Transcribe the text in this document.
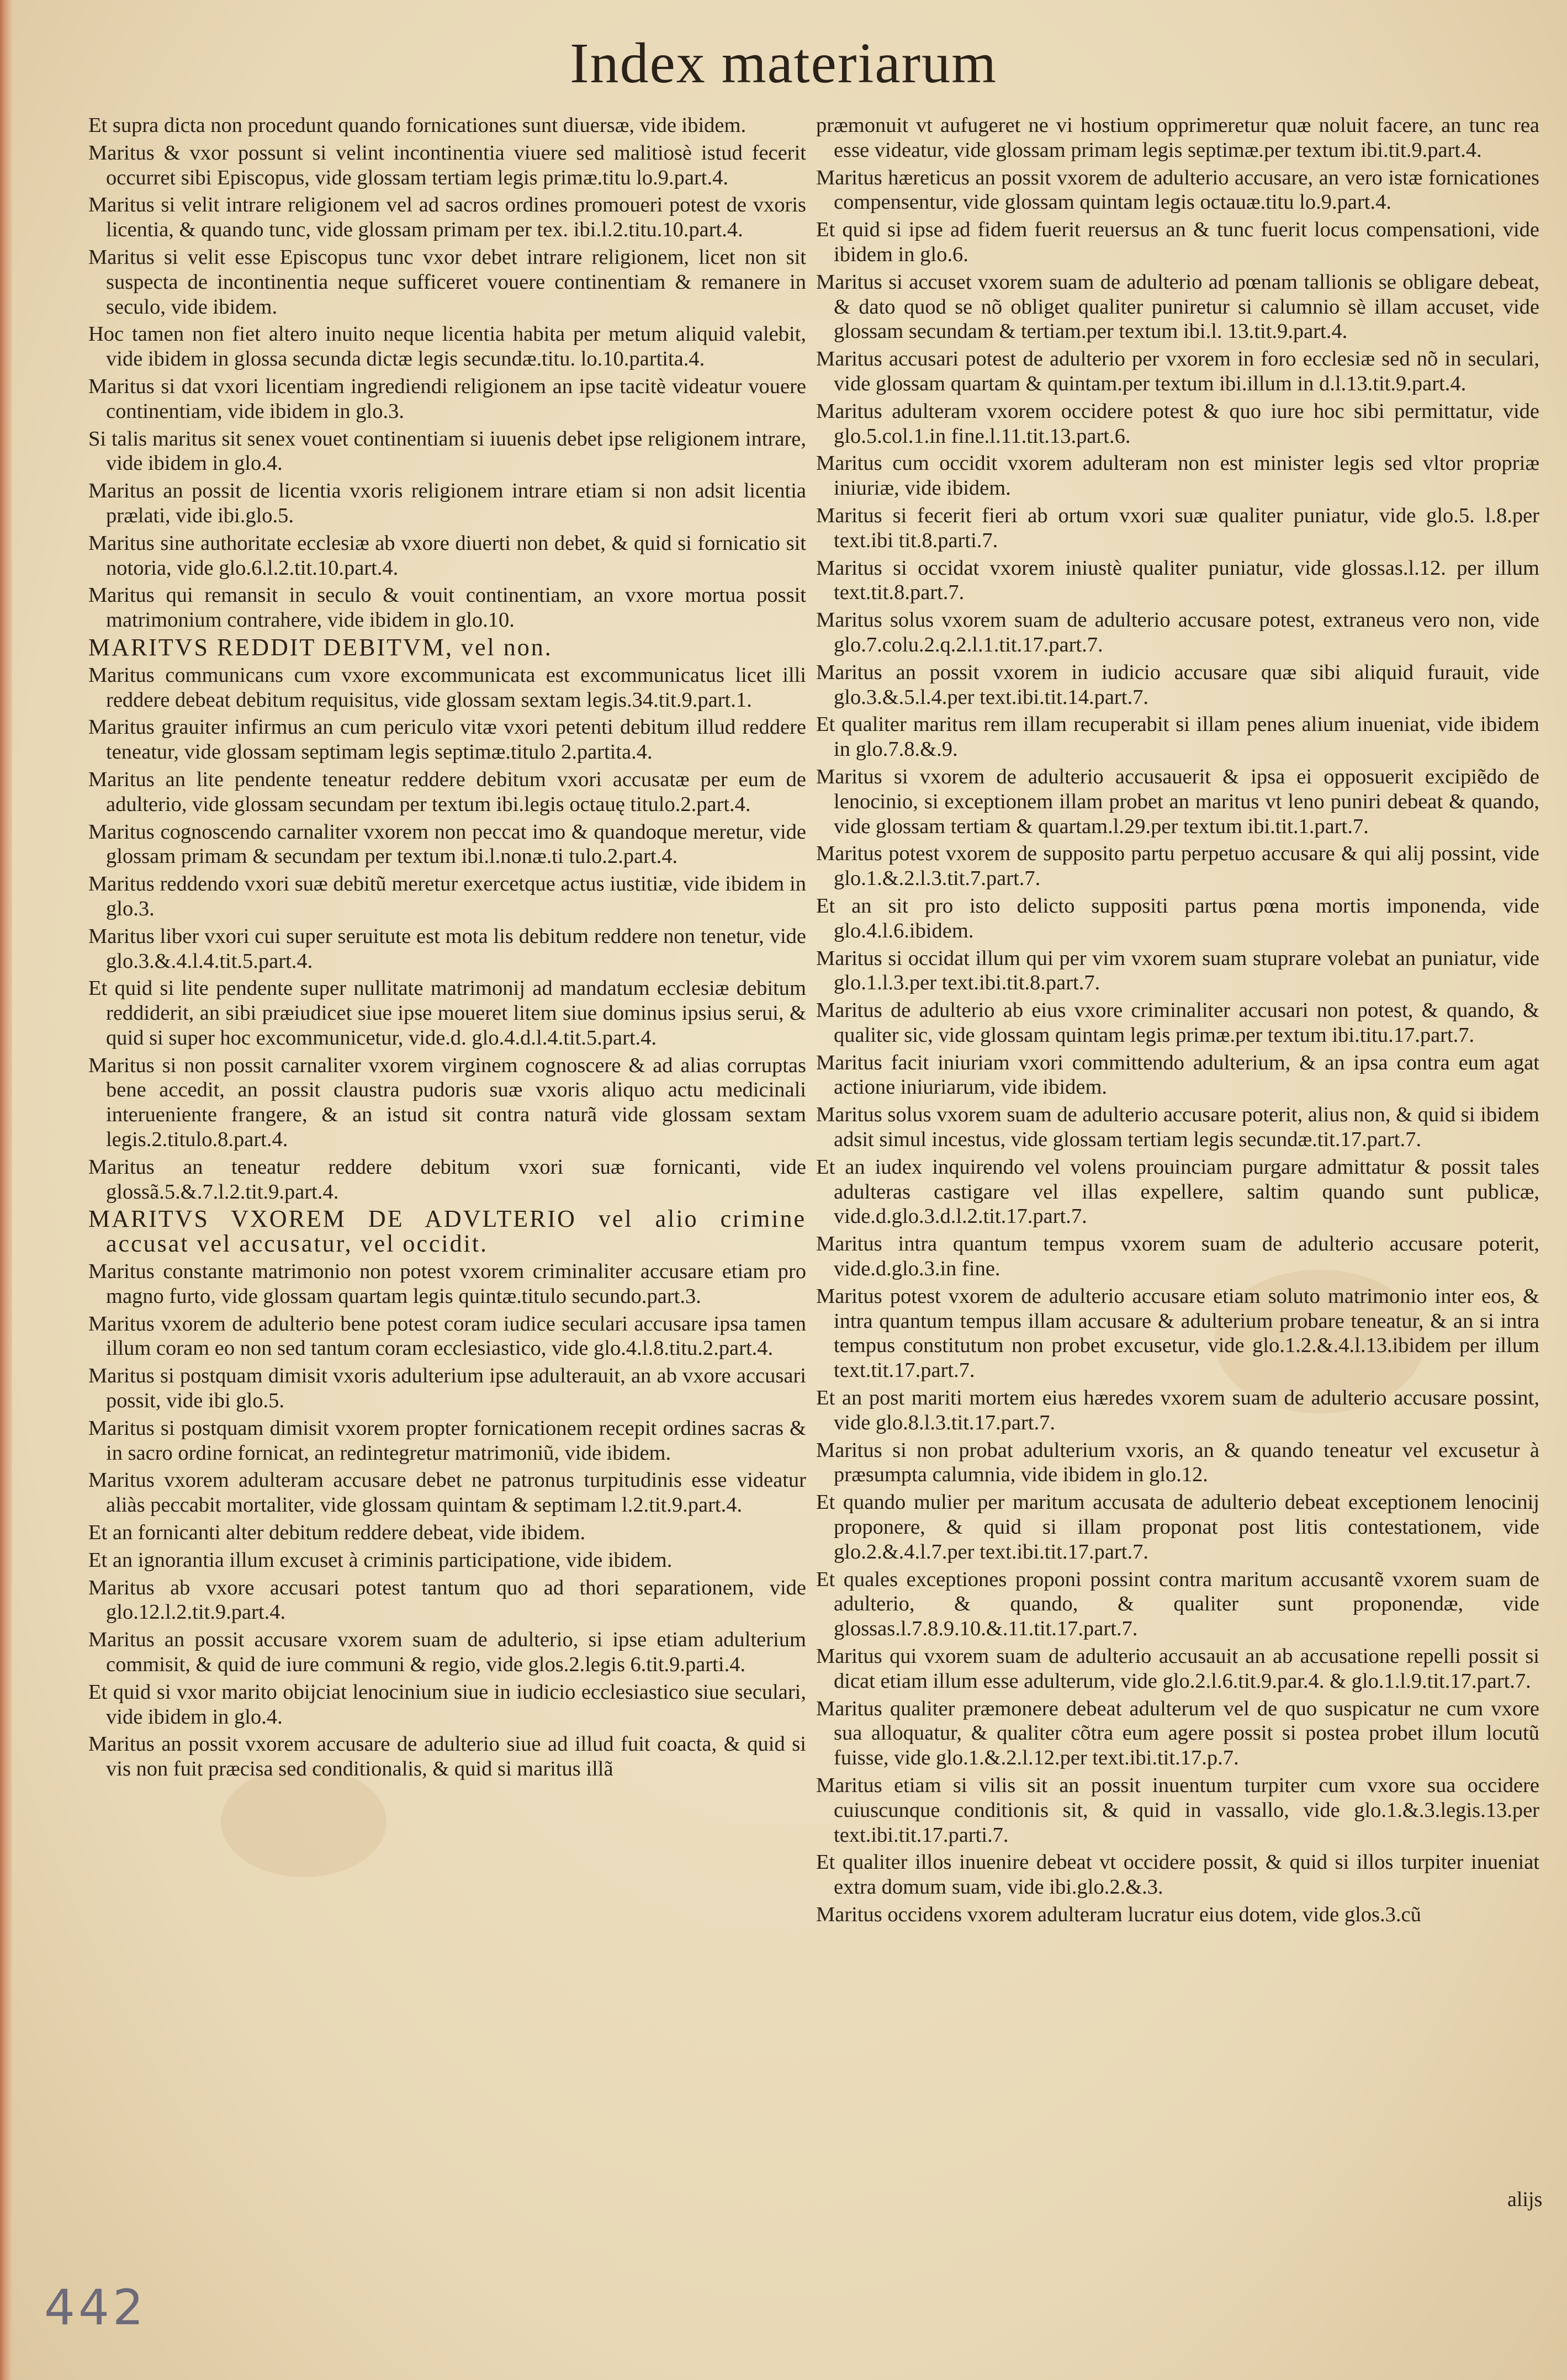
Index materiarum

Et supra dicta non procedunt quando fornicationes sunt diuersæ, vide ibidem.

Maritus & vxor possunt si velint incontinentia viuere sed malitiosè istud fecerit occurret sibi Episcopus, vide glossam tertiam legis primæ.titu lo.9.part.4.

Maritus si velit intrare religionem vel ad sacros ordines promoueri potest de vxoris licentia, & quando tunc, vide glossam primam per tex. ibi.l.2.titu.10.part.4.

Maritus si velit esse Episcopus tunc vxor debet intrare religionem, licet non sit suspecta de incontinentia neque sufficeret vouere continentiam & remanere in seculo, vide ibidem.

Hoc tamen non fiet altero inuito neque licentia habita per metum aliquid valebit, vide ibidem in glossa secunda dictæ legis secundæ.titu. lo.10.partita.4.

Maritus si dat vxori licentiam ingrediendi religionem an ipse tacitè videatur vouere continentiam, vide ibidem in glo.3.

Si talis maritus sit senex vouet continentiam si iuuenis debet ipse religionem intrare, vide ibidem in glo.4.

Maritus an possit de licentia vxoris religionem intrare etiam si non adsit licentia prælati, vide ibi.glo.5.

Maritus sine authoritate ecclesiæ ab vxore diuerti non debet, & quid si fornicatio sit notoria, vide glo.6.l.2.tit.10.part.4.

Maritus qui remansit in seculo & vouit continentiam, an vxore mortua possit matrimonium contrahere, vide ibidem in glo.10.

MARITVS REDDIT DEBITVM, vel non.

Maritus communicans cum vxore excommunicata est excommunicatus licet illi reddere debeat debitum requisitus, vide glossam sextam legis.34.tit.9.part.1.

Maritus grauiter infirmus an cum periculo vitæ vxori petenti debitum illud reddere teneatur, vide glossam septimam legis septimæ.titulo 2.partita.4.

Maritus an lite pendente teneatur reddere debitum vxori accusatæ per eum de adulterio, vide glossam secundam per textum ibi.legis octauę titulo.2.part.4.

Maritus cognoscendo carnaliter vxorem non peccat imo & quandoque meretur, vide glossam primam & secundam per textum ibi.l.nonæ.ti tulo.2.part.4.

Maritus reddendo vxori suæ debitũ meretur exercetque actus iustitiæ, vide ibidem in glo.3.

Maritus liber vxori cui super seruitute est mota lis debitum reddere non tenetur, vide glo.3.&.4.l.4.tit.5.part.4.

Et quid si lite pendente super nullitate matrimonij ad mandatum ecclesiæ debitum reddiderit, an sibi præiudicet siue ipse moueret litem siue dominus ipsius serui, & quid si super hoc excommunicetur, vide.d. glo.4.d.l.4.tit.5.part.4.

Maritus si non possit carnaliter vxorem virginem cognoscere & ad alias corruptas bene accedit, an possit claustra pudoris suæ vxoris aliquo actu medicinali interueniente frangere, & an istud sit contra naturã vide glossam sextam legis.2.titulo.8.part.4.

Maritus an teneatur reddere debitum vxori suæ fornicanti, vide glossã.5.&.7.l.2.tit.9.part.4.

MARITVS VXOREM DE ADVLTERIO vel alio crimine accusat vel accusatur, vel occidit.

Maritus constante matrimonio non potest vxorem criminaliter accusare etiam pro magno furto, vide glossam quartam legis quintæ.titulo secundo.part.3.

Maritus vxorem de adulterio bene potest coram iudice seculari accusare ipsa tamen illum coram eo non sed tantum coram ecclesiastico, vide glo.4.l.8.titu.2.part.4.

Maritus si postquam dimisit vxoris adulterium ipse adulterauit, an ab vxore accusari possit, vide ibi glo.5.

Maritus si postquam dimisit vxorem propter fornicationem recepit ordines sacras & in sacro ordine fornicat, an redintegretur matrimoniũ, vide ibidem.

Maritus vxorem adulteram accusare debet ne patronus turpitudinis esse videatur aliàs peccabit mortaliter, vide glossam quintam & septimam l.2.tit.9.part.4.

Et an fornicanti alter debitum reddere debeat, vide ibidem.

Et an ignorantia illum excuset à criminis participatione, vide ibidem.

Maritus ab vxore accusari potest tantum quo ad thori separationem, vide glo.12.l.2.tit.9.part.4.

Maritus an possit accusare vxorem suam de adulterio, si ipse etiam adulterium commisit, & quid de iure communi & regio, vide glos.2.legis 6.tit.9.parti.4.

Et quid si vxor marito obijciat lenocinium siue in iudicio ecclesiastico siue seculari, vide ibidem in glo.4.

Maritus an possit vxorem accusare de adulterio siue ad illud fuit coacta, & quid si vis non fuit præcisa sed conditionalis, & quid si maritus illã

præmonuit vt aufugeret ne vi hostium opprimeretur quæ noluit facere, an tunc rea esse videatur, vide glossam primam legis septimæ.per textum ibi.tit.9.part.4.

Maritus hæreticus an possit vxorem de adulterio accusare, an vero istæ fornicationes compensentur, vide glossam quintam legis octauæ.titu lo.9.part.4.

Et quid si ipse ad fidem fuerit reuersus an & tunc fuerit locus compensationi, vide ibidem in glo.6.

Maritus si accuset vxorem suam de adulterio ad pœnam tallionis se obligare debeat, & dato quod se nõ obliget qualiter puniretur si calumnio sè illam accuset, vide glossam secundam & tertiam.per textum ibi.l. 13.tit.9.part.4.

Maritus accusari potest de adulterio per vxorem in foro ecclesiæ sed nõ in seculari, vide glossam quartam & quintam.per textum ibi.illum in d.l.13.tit.9.part.4.

Maritus adulteram vxorem occidere potest & quo iure hoc sibi permittatur, vide glo.5.col.1.in fine.l.11.tit.13.part.6.

Maritus cum occidit vxorem adulteram non est minister legis sed vltor propriæ iniuriæ, vide ibidem.

Maritus si fecerit fieri ab ortum vxori suæ qualiter puniatur, vide glo.5. l.8.per text.ibi tit.8.parti.7.

Maritus si occidat vxorem iniustè qualiter puniatur, vide glossas.l.12. per illum text.tit.8.part.7.

Maritus solus vxorem suam de adulterio accusare potest, extraneus vero non, vide glo.7.colu.2.q.2.l.1.tit.17.part.7.

Maritus an possit vxorem in iudicio accusare quæ sibi aliquid furauit, vide glo.3.&.5.l.4.per text.ibi.tit.14.part.7.

Et qualiter maritus rem illam recuperabit si illam penes alium inueniat, vide ibidem in glo.7.8.&.9.

Maritus si vxorem de adulterio accusauerit & ipsa ei opposuerit excipiẽdo de lenocinio, si exceptionem illam probet an maritus vt leno puniri debeat & quando, vide glossam tertiam & quartam.l.29.per textum ibi.tit.1.part.7.

Maritus potest vxorem de supposito partu perpetuo accusare & qui alij possint, vide glo.1.&.2.l.3.tit.7.part.7.

Et an sit pro isto delicto suppositi partus pœna mortis imponenda, vide glo.4.l.6.ibidem.

Maritus si occidat illum qui per vim vxorem suam stuprare volebat an puniatur, vide glo.1.l.3.per text.ibi.tit.8.part.7.

Maritus de adulterio ab eius vxore criminaliter accusari non potest, & quando, & qualiter sic, vide glossam quintam legis primæ.per textum ibi.titu.17.part.7.

Maritus facit iniuriam vxori committendo adulterium, & an ipsa contra eum agat actione iniuriarum, vide ibidem.

Maritus solus vxorem suam de adulterio accusare poterit, alius non, & quid si ibidem adsit simul incestus, vide glossam tertiam legis secundæ.tit.17.part.7.

Et an iudex inquirendo vel volens prouinciam purgare admittatur & possit tales adulteras castigare vel illas expellere, saltim quando sunt publicæ, vide.d.glo.3.d.l.2.tit.17.part.7.

Maritus intra quantum tempus vxorem suam de adulterio accusare poterit, vide.d.glo.3.in fine.

Maritus potest vxorem de adulterio accusare etiam soluto matrimonio inter eos, & intra quantum tempus illam accusare & adulterium probare teneatur, & an si intra tempus constitutum non probet excusetur, vide glo.1.2.&.4.l.13.ibidem per illum text.tit.17.part.7.

Et an post mariti mortem eius hæredes vxorem suam de adulterio accusare possint, vide glo.8.l.3.tit.17.part.7.

Maritus si non probat adulterium vxoris, an & quando teneatur vel excusetur à præsumpta calumnia, vide ibidem in glo.12.

Et quando mulier per maritum accusata de adulterio debeat exceptionem lenocinij proponere, & quid si illam proponat post litis contestationem, vide glo.2.&.4.l.7.per text.ibi.tit.17.part.7.

Et quales exceptiones proponi possint contra maritum accusantẽ vxorem suam de adulterio, & quando, & qualiter sunt proponendæ, vide glossas.l.7.8.9.10.&.11.tit.17.part.7.

Maritus qui vxorem suam de adulterio accusauit an ab accusatione repelli possit si dicat etiam illum esse adulterum, vide glo.2.l.6.tit.9.par.4. & glo.1.l.9.tit.17.part.7.

Maritus qualiter præmonere debeat adulterum vel de quo suspicatur ne cum vxore sua alloquatur, & qualiter cõtra eum agere possit si postea probet illum locutũ fuisse, vide glo.1.&.2.l.12.per text.ibi.tit.17.p.7.

Maritus etiam si vilis sit an possit inuentum turpiter cum vxore sua occidere cuiuscunque conditionis sit, & quid in vassallo, vide glo.1.&.3.legis.13.per text.ibi.tit.17.parti.7.

Et qualiter illos inuenire debeat vt occidere possit, & quid si illos turpiter inueniat extra domum suam, vide ibi.glo.2.&.3.

Maritus occidens vxorem adulteram lucratur eius dotem, vide glos.3.cũ

alijs
442
